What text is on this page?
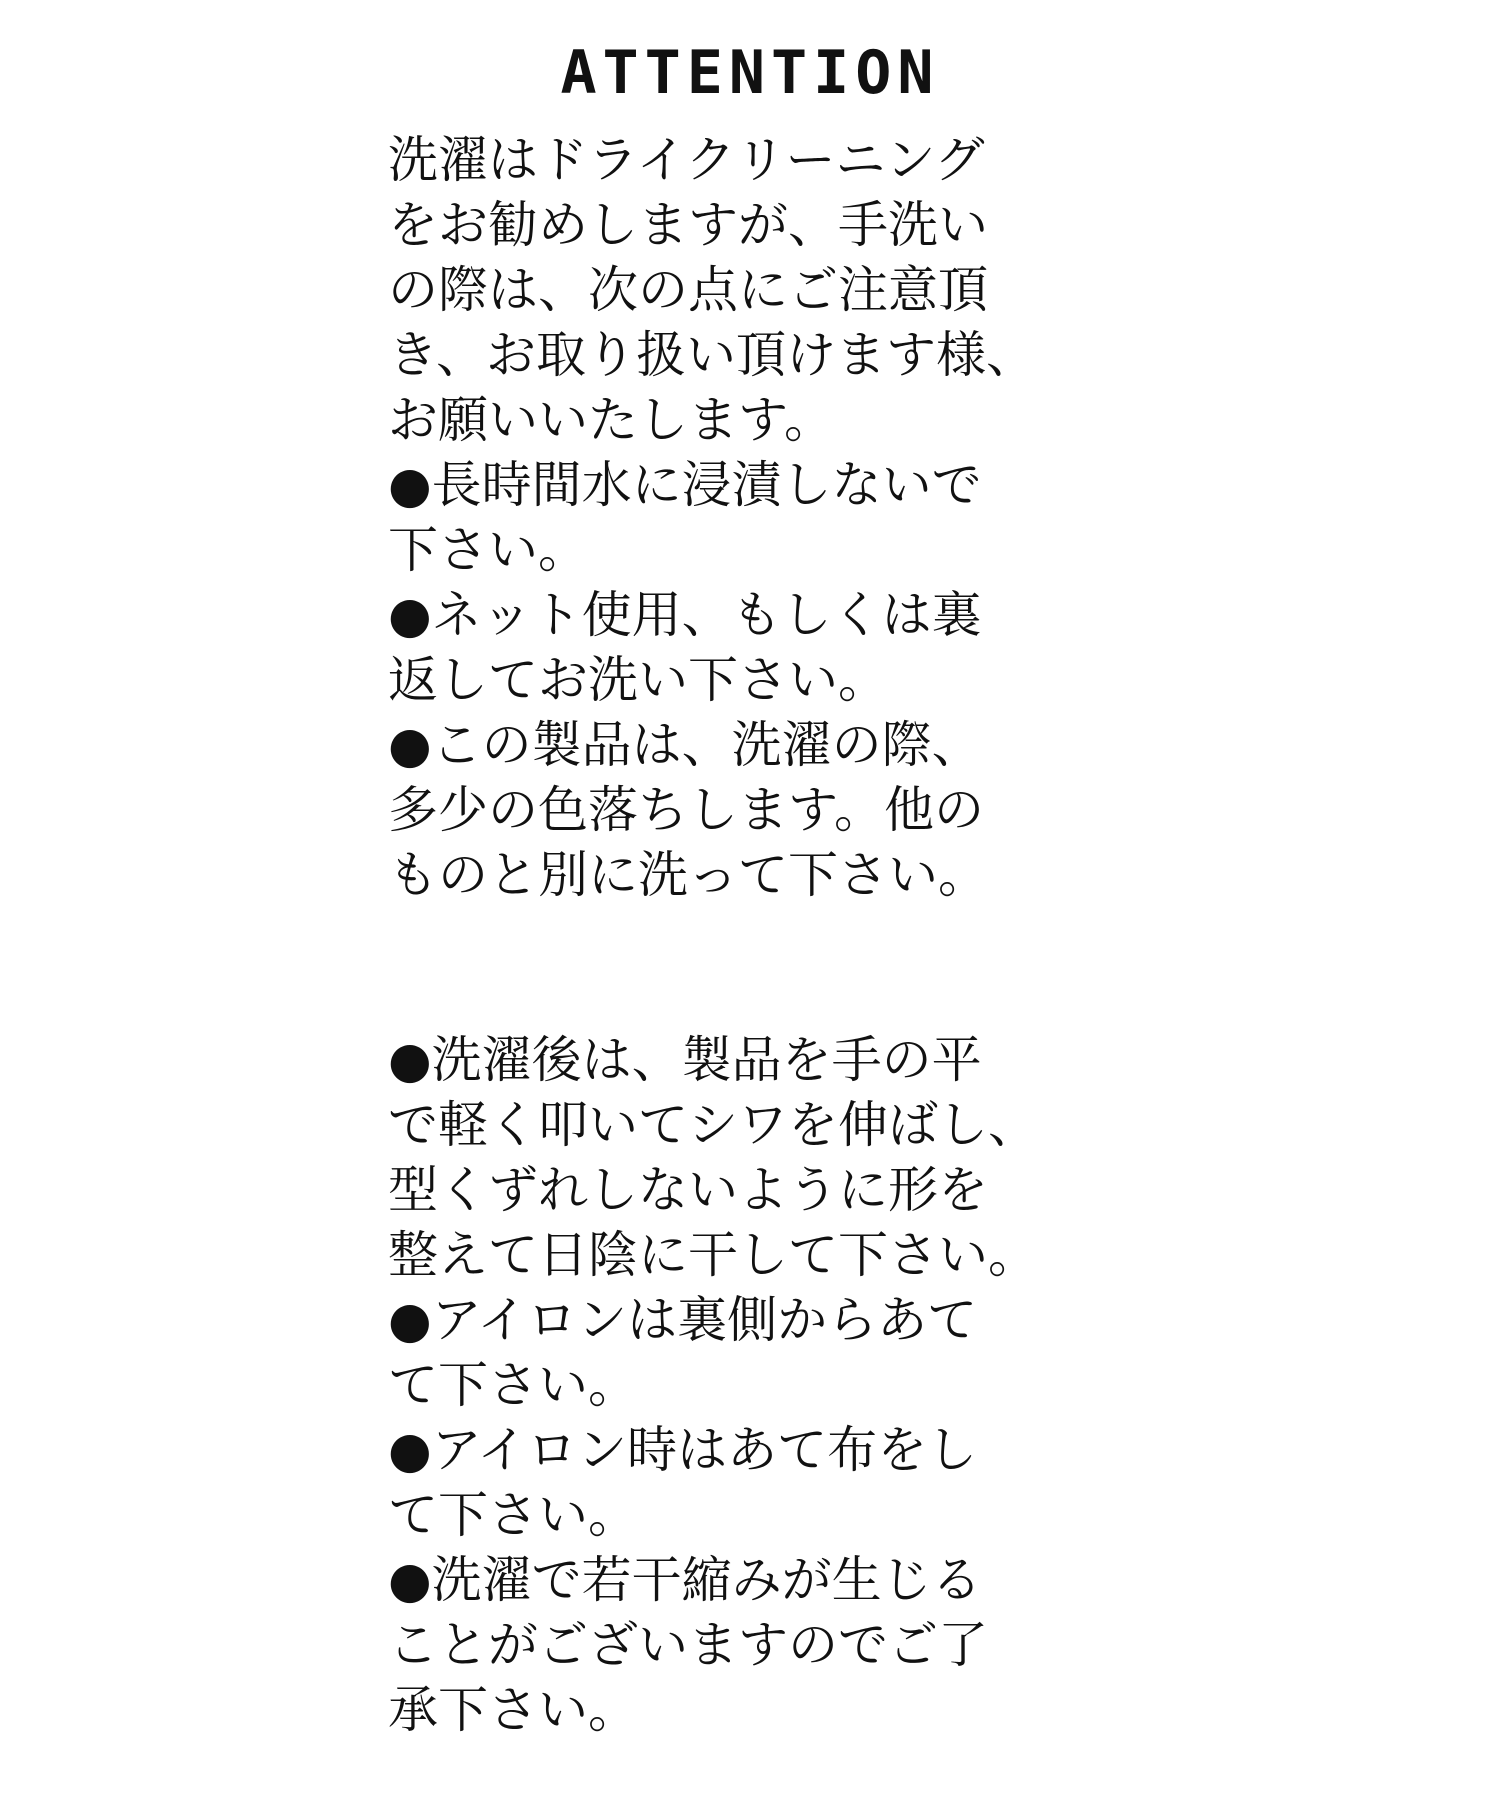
ATTENTION
洗濯はドライクリーニング
をお勧めしますが、手洗い
の際は、次の点にご注意頂
き、お取り扱い頂けます様、
お願いいたします。
●長時間水に浸漬しないで
下さい。
●ネット使用、もしくは裏
返してお洗い下さい。
●この製品は、洗濯の際、
多少の色落ちします。他の
ものと別に洗って下さい。
●洗濯後は、製品を手の平
で軽く叩いてシワを伸ばし、
型くずれしないように形を
整えて日陰に干して下さい。
●アイロンは裏側からあて
て下さい。
●アイロン時はあて布をし
て下さい。
●洗濯で若干縮みが生じる
ことがございますのでご了
承下さい。
